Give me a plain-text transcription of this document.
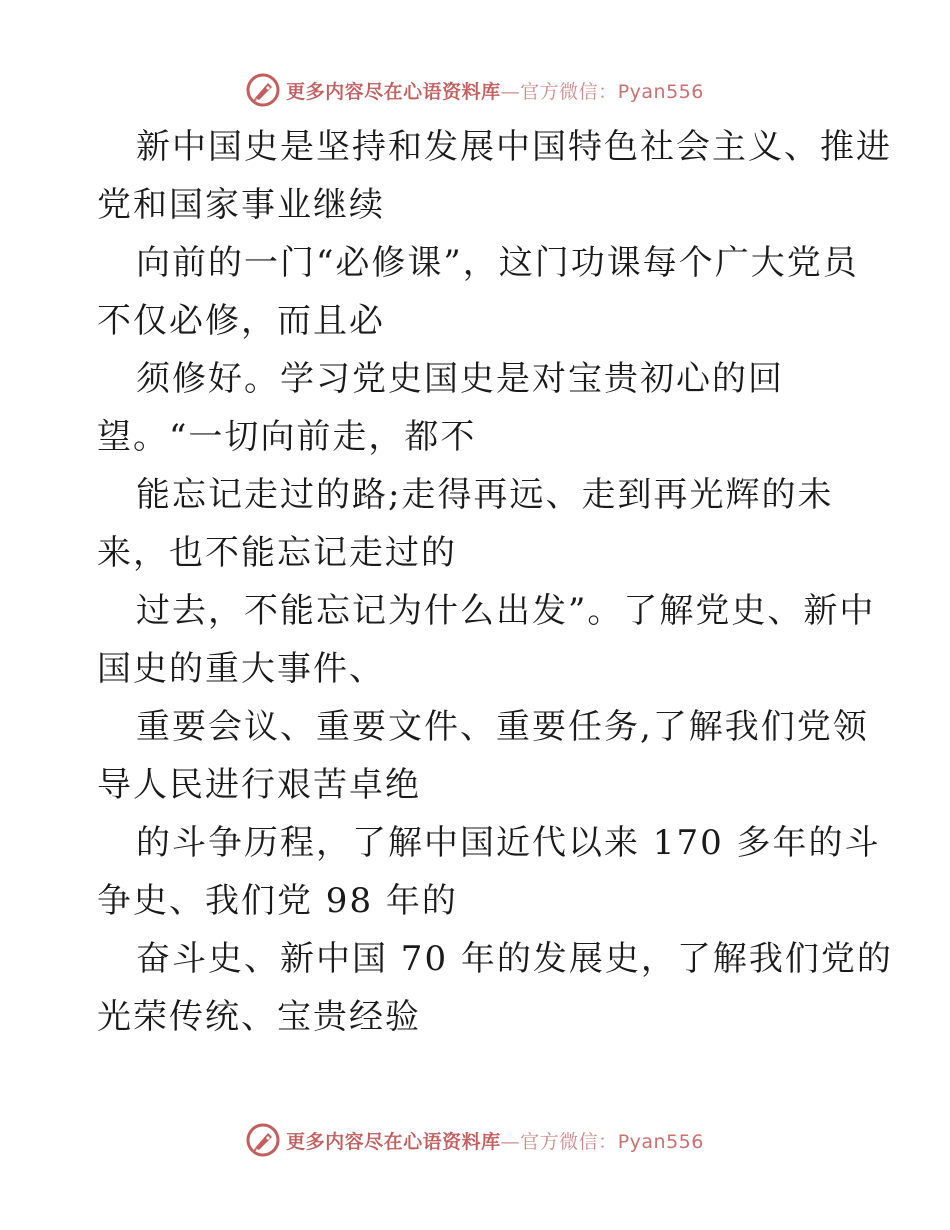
更多内容尽在心语资料库—官方微信：Pyan556
新中国史是坚持和发展中国特色社会主义、推进
党和国家事业继续
向前的一门“必修课”，这门功课每个广大党员
不仅必修，而且必
须修好。学习党史国史是对宝贵初心的回
望。“一切向前走，都不
能忘记走过的路;走得再远、走到再光辉的未
来，也不能忘记走过的
过去，不能忘记为什么出发”。了解党史、新中
国史的重大事件、
重要会议、重要文件、重要任务,了解我们党领
导人民进行艰苦卓绝
的斗争历程，了解中国近代以来 170 多年的斗
争史、我们党 98 年的
奋斗史、新中国 70 年的发展史，了解我们党的
光荣传统、宝贵经验
更多内容尽在心语资料库—官方微信：Pyan556
